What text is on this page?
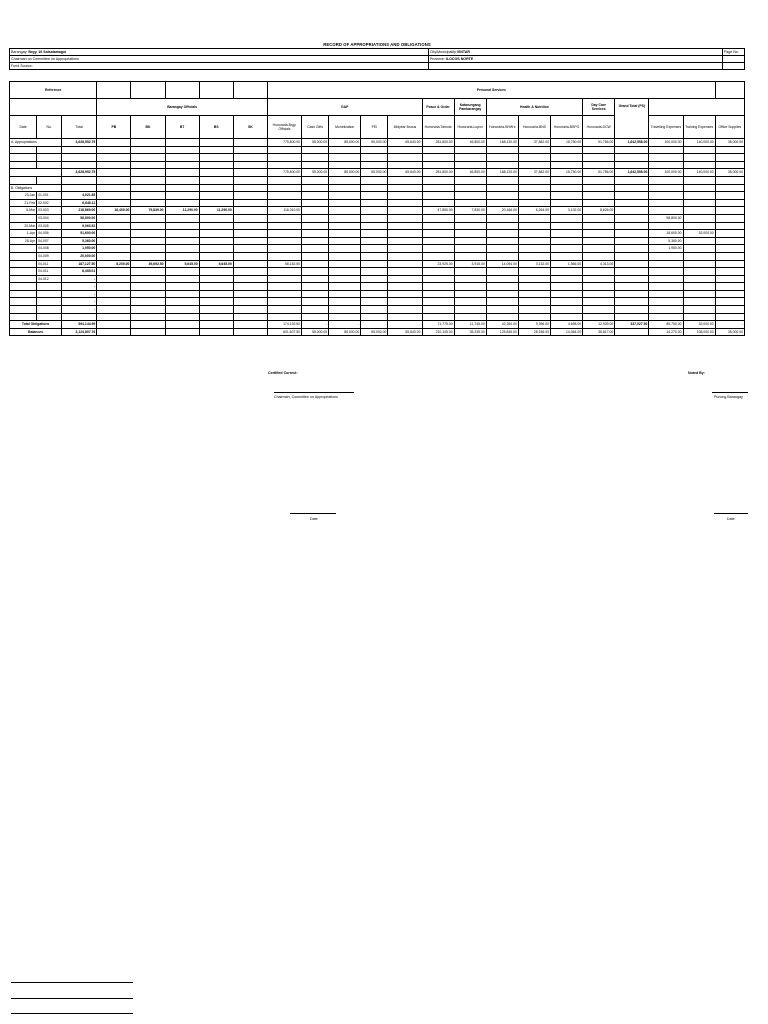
RECORD OF APPROPRIATIONS AND OBLIGATIONS
Barangay: Brgy. 16 Salsalamagui	City/Municipality:VINTAR	Page No.
Chairman on Committee on Appropriations	Province: ILOCOS NORTE	
Fund Source:		
Reference								Personal Services														
			Barangay Officials					GAP					Peace & Order	Katarungang Pambarangay	Health & Nutrition			Day Care Services	Grand Total (PS)			
Date	No.	Total	PB	BK	BT	BS	SK	Honoraria-Brgy. Officials	Cash Gifts	Monetization	PEI	Midyear Bonus	Honoraria-Tanods	Honoraria-Lupon	Honoraria-BHW's	Honoraria-BNS	Honoraria-BSPO	Honoraria-DCW		Travelling Expenses	Training Expenses	Office Supplies
A. Appropriations		3,628,952.75						775,800.00	55,000.00	85,000.00	55,000.00	65,640.00	281,800.00	46,800.00	168,120.00	37,582.00	18,750.00	51,756.00	1,642,558.00	100,000.00	140,000.00	35,000.00

		3,628,952.75						775,800.00	55,000.00	85,000.00	55,000.00	65,640.00	281,800.00	46,800.00	168,120.00	37,582.00	18,750.00	51,756.00	1,642,558.00	100,000.00	140,000.00	35,000.00

B. Obligations																						
23-Jan	01-001	4,021.85																				
21-Feb	02-002	6,646.11																				
5-Mar	03-003	218,869.00	16,400.00	79,839.00	11,290.00	11,290.00		116,010.00					47,850.00	7,830.00	20,166.00	6,264.00	3,132.00	8,626.00				
	03-004	58,800.00																		58,800.00		
20-Mar	03-005	9,063.52																				
1-Apr	04-006	51,600.00																		18,600.00	32,000.00	
28-Apr	04-007	5,360.00																		5,360.00		
	04-008	1,950.00																		1,950.00		
	04-009	20,000.00																				
	04-011	187,127.50	8,200.00	39,692.50	5,645.00	5,645.00		58,182.50					23,925.00	3,915.00	14,094.00	3,132.00	1,566.00	4,313.00				
	04-011	8,455.01																				
	04-012	-																				
		-																				
		-																				
		-																				
		-																				

Total Obligations		594,144.99						174,192.50	-	-	-	-	71,775.00	11,745.00	42,260.00	9,396.00	4,698.00	12,939.00	337,027.50	85,750.00	32,000.00	-
Balances		3,124,807.76						601,607.50	55,000.00	85,000.00	55,000.00	65,640.00	210,105.00	35,235.00	125,845.00	28,186.00	14,064.00	38,817.00		14,270.00	108,000.00	35,000.00
Certified Correct:	Noted By:
Chairman, Committee on Appropriations	Punong Barangay
Date	Date
